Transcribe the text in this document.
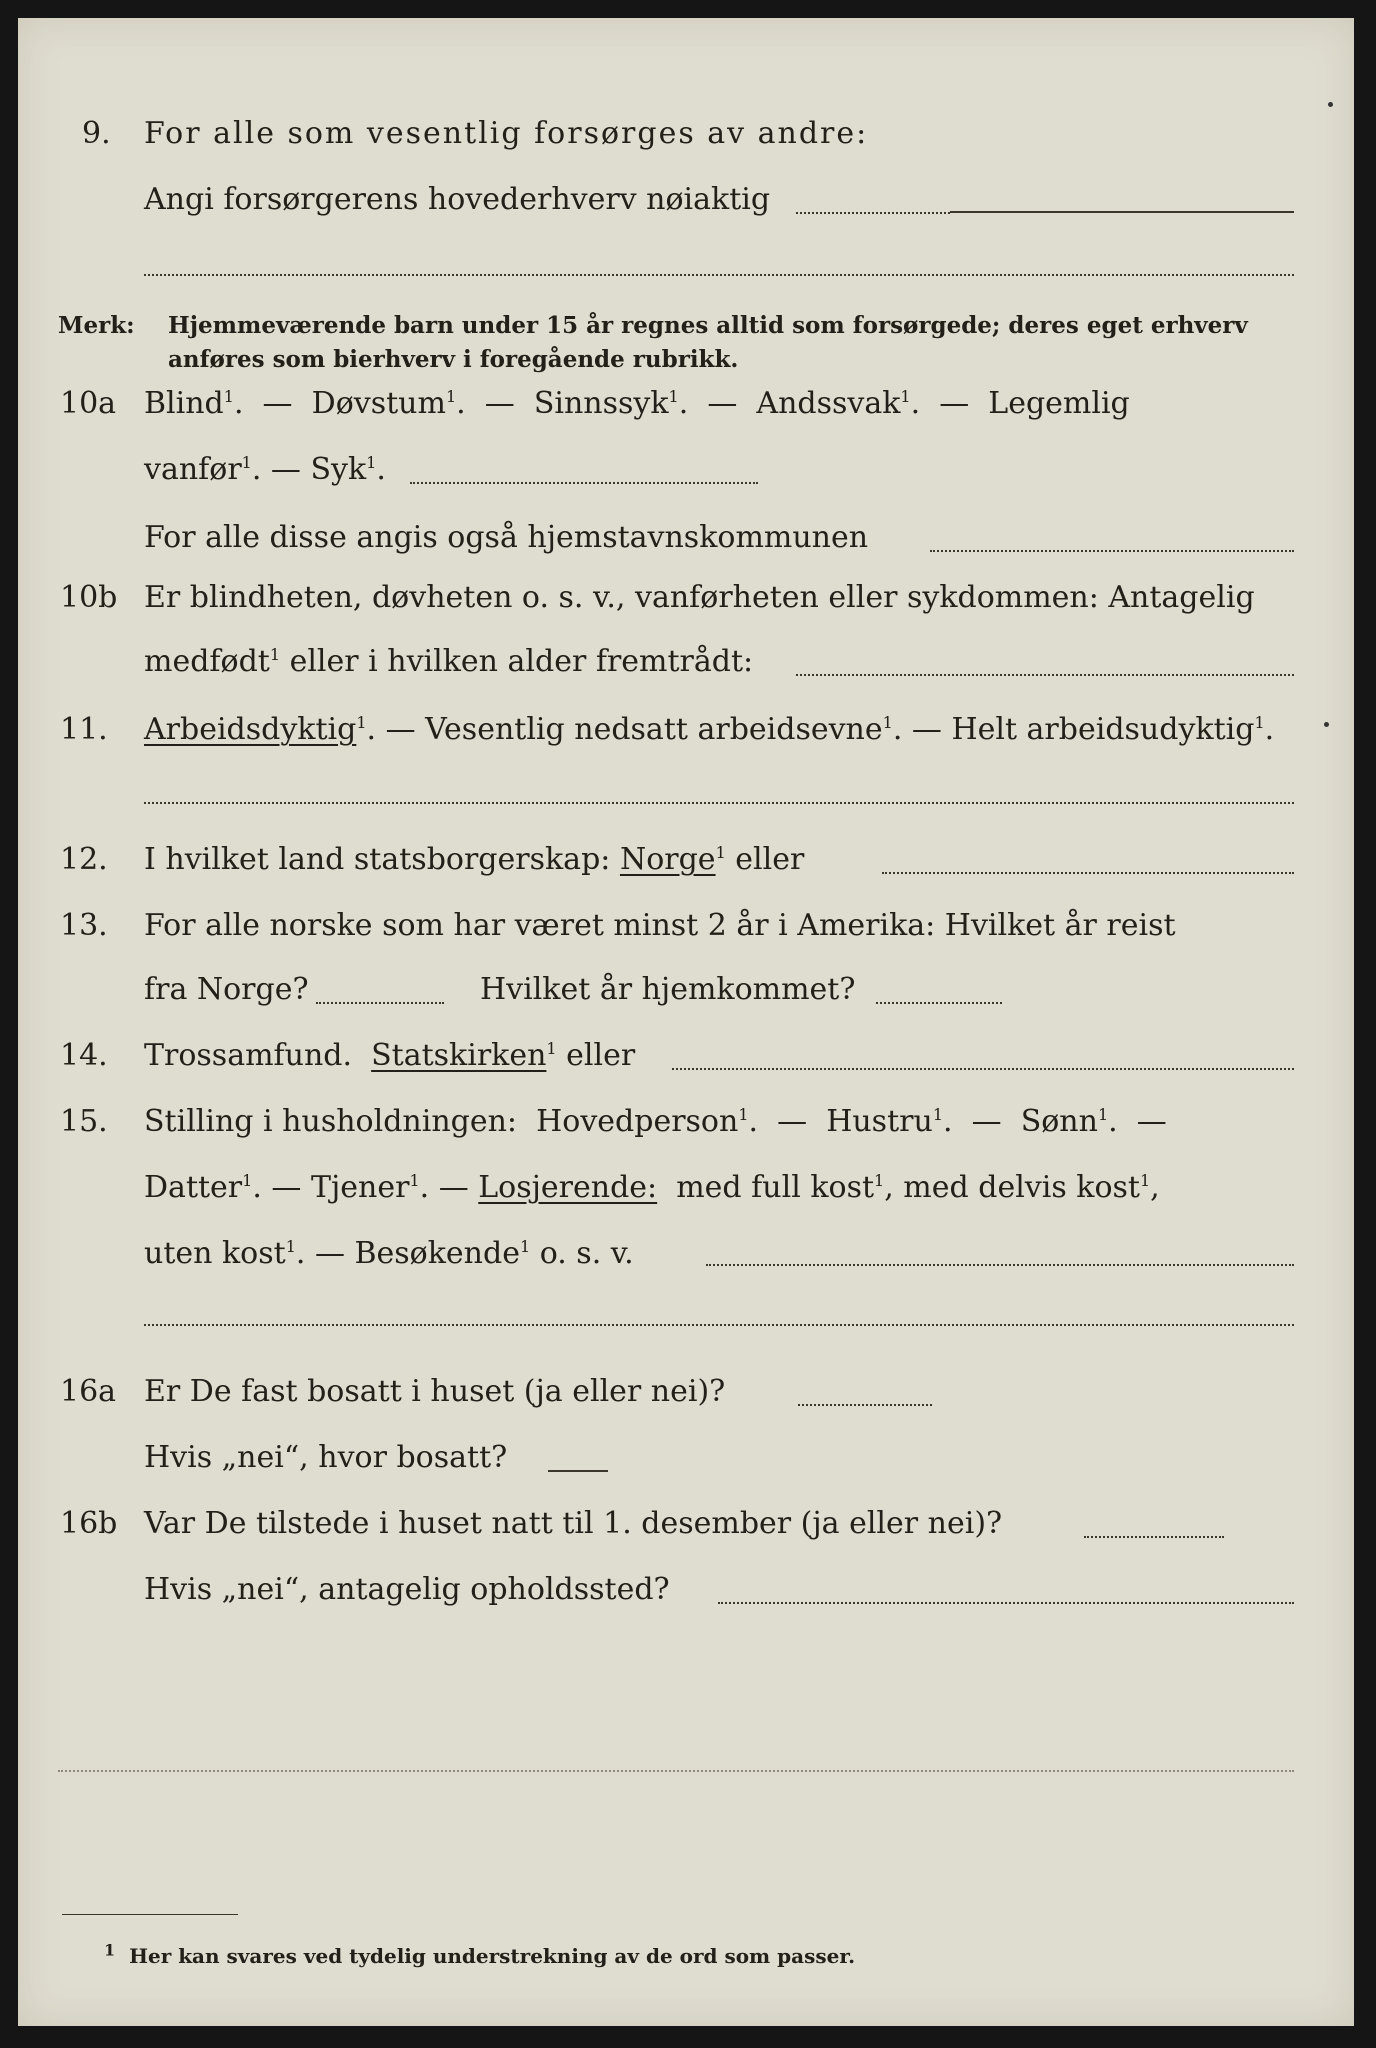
9. For alle som vesentlig forsørges av andre:
Angi forsørgerens hovederhverv nøiaktig
Merk: Hjemmeværende barn under 15 år regnes alltid som forsørgede; deres eget erhverv
anføres som bierhverv i foregående rubrikk.
10a Blind$^1$.  —  Døvstum$^1$.  —  Sinnssyk$^1$.  —  Andssvak$^1$.  —  Legemlig
vanfør$^1$. — Syk$^1$.
For alle disse angis også hjemstavnskommunen
10b Er blindheten, døvheten o. s. v., vanførheten eller sykdommen: Antagelig
medfødt$^1$ eller i hvilken alder fremtrådt:
11. Arbeidsdyktig$^1$. — Vesentlig nedsatt arbeidsevne$^1$. — Helt arbeidsudyktig$^1$.
12. I hvilket land statsborgerskap: Norge$^1$ eller
13. For alle norske som har været minst 2 år i Amerika: Hvilket år reist
fra Norge?	Hvilket år hjemkommet?
14. Trossamfund. Statskirken$^1$ eller
15. Stilling i husholdningen: Hovedperson$^1$.  —  Hustru$^1$.  —  Sønn$^1$.  —
Datter$^1$. — Tjener$^1$. — Losjerende: med full kost$^1$, med delvis kost$^1$,
uten kost$^1$. — Besøkende$^1$ o. s. v.
16a Er De fast bosatt i huset (ja eller nei)?
Hvis „nei“, hvor bosatt?
16b Var De tilstede i huset natt til 1. desember (ja eller nei)?
Hvis „nei“, antagelig opholdssted?
$^1$ Her kan svares ved tydelig understrekning av de ord som passer.
